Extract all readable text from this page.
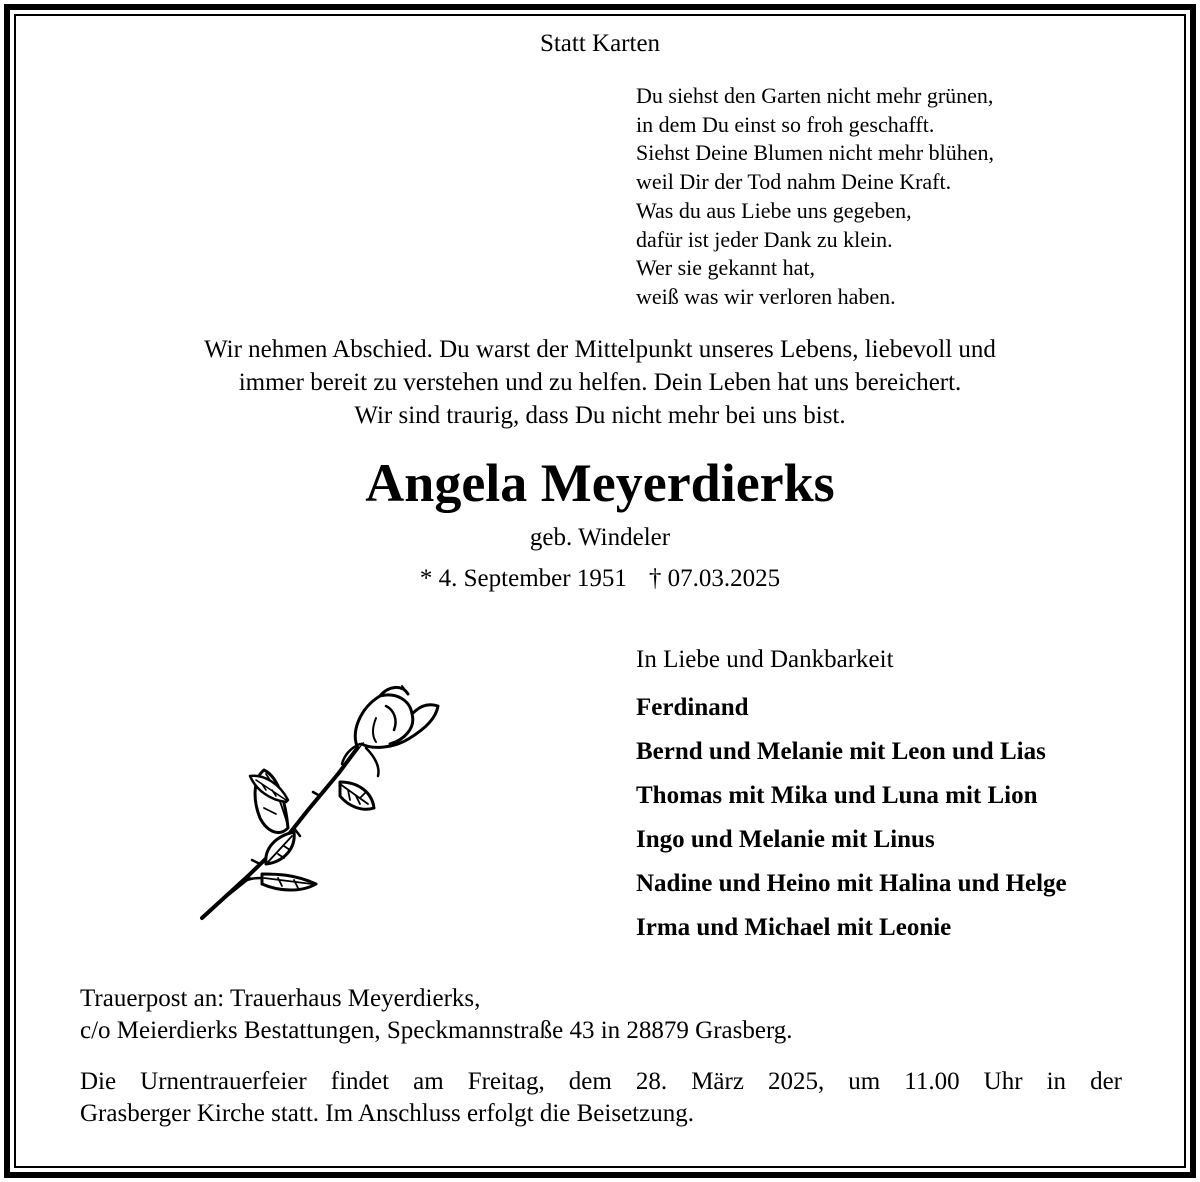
Statt Karten

Du siehst den Garten nicht mehr grünen,
in dem Du einst so froh geschafft.
Siehst Deine Blumen nicht mehr blühen,
weil Dir der Tod nahm Deine Kraft.
Was du aus Liebe uns gegeben,
dafür ist jeder Dank zu klein.
Wer sie gekannt hat,
weiß was wir verloren haben.
Wir nehmen Abschied. Du warst der Mittelpunkt unseres Lebens, liebevoll und
immer bereit zu verstehen und zu helfen. Dein Leben hat uns bereichert.
Wir sind traurig, dass Du nicht mehr bei uns bist.
Angela Meyerdierks

geb. Windeler

* 4. September 1951 † 07.03.2025

In Liebe und Dankbarkeit

Ferdinand
Bernd und Melanie mit Leon und Lias
Thomas mit Mika und Luna mit Lion
Ingo und Melanie mit Linus
Nadine und Heino mit Halina und Helge
Irma und Michael mit Leonie
Trauerpost an: Trauerhaus Meyerdierks,
c/o Meierdierks Bestattungen, Speckmannstraße 43 in 28879 Grasberg.
Die Urnentrauerfeier findet am Freitag, dem 28. März 2025, um 11.00 Uhr in der
Grasberger Kirche statt. Im Anschluss erfolgt die Beisetzung.
